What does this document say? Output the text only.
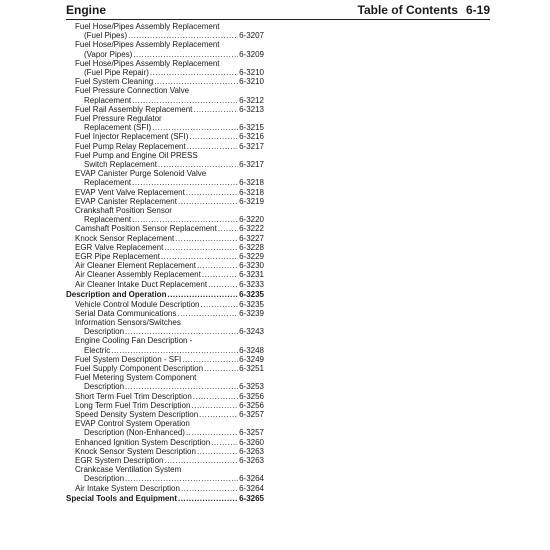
Engine	Table of Contents 6-19
Fuel Hose/Pipes Assembly Replacement
(Fuel Pipes) .....	6-3207
Fuel Hose/Pipes Assembly Replacement
(Vapor Pipes) .....	6-3209
Fuel Hose/Pipes Assembly Replacement
(Fuel Pipe Repair) .....	6-3210
Fuel System Cleaning .....	6-3210
Fuel Pressure Connection Valve
Replacement .....	6-3212
Fuel Rail Assembly Replacement .....	6-3213
Fuel Pressure Regulator
Replacement (SFI) .....	6-3215
Fuel Injector Replacement (SFI) .....	6-3216
Fuel Pump Relay Replacement .....	6-3217
Fuel Pump and Engine Oil PRESS
Switch Replacement .....	6-3217
EVAP Canister Purge Solenoid Valve
Replacement .....	6-3218
EVAP Vent Valve Replacement .....	6-3218
EVAP Canister Replacement .....	6-3219
Crankshaft Position Sensor
Replacement .....	6-3220
Camshaft Position Sensor Replacement .....	6-3222
Knock Sensor Replacement .....	6-3227
EGR Valve Replacement .....	6-3228
EGR Pipe Replacement .....	6-3229
Air Cleaner Element Replacement .....	6-3230
Air Cleaner Assembly Replacement .....	6-3231
Air Cleaner Intake Duct Replacement .....	6-3233
Description and Operation .....	6-3235
Vehicle Control Module Description .....	6-3235
Serial Data Communications .....	6-3239
Information Sensors/Switches
Description .....	6-3243
Engine Cooling Fan Description -
Electric .....	6-3248
Fuel System Description - SFI .....	6-3249
Fuel Supply Component Description .....	6-3251
Fuel Metering System Component
Description .....	6-3253
Short Term Fuel Trim Description .....	6-3256
Long Term Fuel Trim Description .....	6-3256
Speed Density System Description .....	6-3257
EVAP Control System Operation
Description (Non-Enhanced) .....	6-3257
Enhanced Ignition System Description .....	6-3260
Knock Sensor System Description .....	6-3263
EGR System Description .....	6-3263
Crankcase Ventilation System
Description .....	6-3264
Air Intake System Description .....	6-3264
Special Tools and Equipment .....	6-3265
